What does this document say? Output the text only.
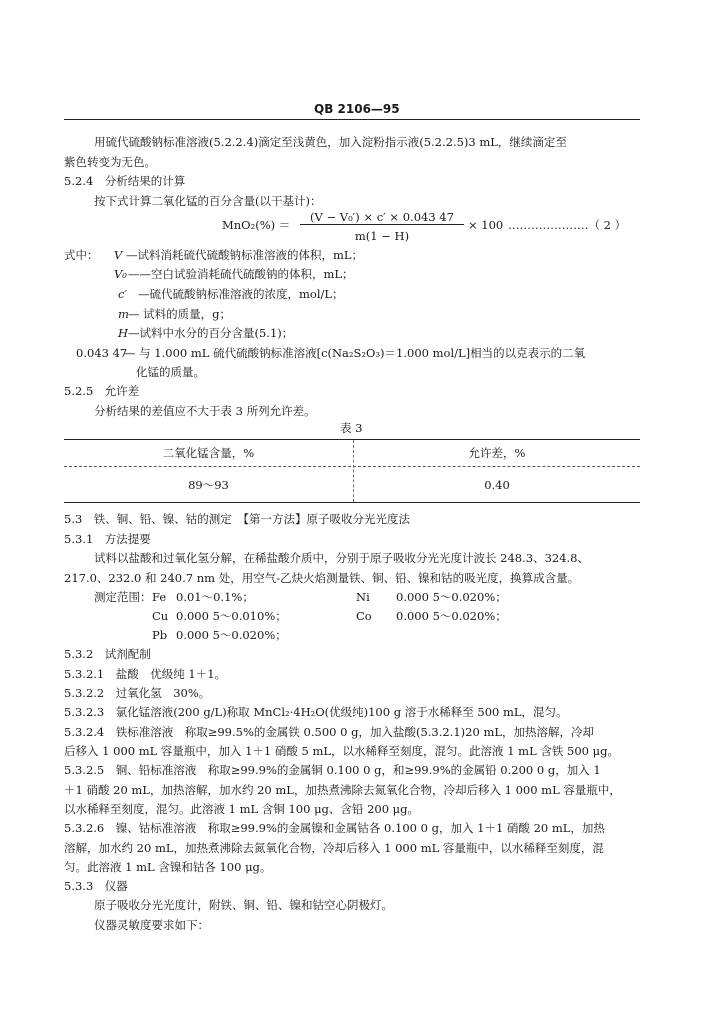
QB 2106—95
用硫代硫酸钠标准溶液(5.2.2.4)滴定至浅黄色，加入淀粉指示液(5.2.2.5)3 mL，继续滴定至
紫色转变为无色。
5.2.4　分析结果的计算
按下式计算二氧化锰的百分含量(以干基计)：
MnO₂(%) ＝
(V − V₀′) × c′ × 0.043 47
m(1 − H)
× 100 …………………（ 2 ）
式中： V —试料消耗硫代硫酸钠标准溶液的体积，mL；
V₀ ——空白试验消耗硫代硫酸钠的体积，mL；
c′ —硫代硫酸钠标准溶液的浓度，mol/L；
m — 试料的质量，g；
H —试料中水分的百分含量(5.1)；
0.043 47
— 与 1.000 mL 硫代硫酸钠标准溶液[c(Na₂S₂O₃)＝1.000 mol/L]相当的以克表示的二氧
化锰的质量。
5.2.5　允许差
分析结果的差值应不大于表 3 所列允许差。
表 3
二氧化锰含量，%	允许差，%
89～93	0.40
5.3　铁、铜、铅、镍、钴的测定　【第一方法】原子吸收分光光度法
5.3.1　方法提要
试料以盐酸和过氧化氢分解，在稀盐酸介质中，分别于原子吸收分光光度计波长 248.3、324.8、
217.0、232.0 和 240.7 nm 处，用空气-乙炔火焰测量铁、铜、铅、镍和钴的吸光度，换算成含量。
测定范围： Fe 0.01～0.1%；	Ni 0.000 5～0.020%；
Cu 0.000 5～0.010%；	Co 0.000 5～0.020%；
Pb 0.000 5～0.020%；
5.3.2　试剂配制
5.3.2.1　盐酸　优级纯 1＋1。
5.3.2.2　过氧化氢　30%。
5.3.2.3　氯化锰溶液(200 g/L)称取 MnCl₂·4H₂O(优级纯)100 g 溶于水稀释至 500 mL，混匀。
5.3.2.4　铁标准溶液　称取≥99.5%的金属铁 0.500 0 g，加入盐酸(5.3.2.1)20 mL，加热溶解，冷却
后移入 1 000 mL 容量瓶中，加入 1＋1 硝酸 5 mL，以水稀释至刻度，混匀。此溶液 1 mL 含铁 500 μg。
5.3.2.5　铜、铅标准溶液　称取≥99.9%的金属铜 0.100 0 g，和≥99.9%的金属铅 0.200 0 g，加入 1
＋1 硝酸 20 mL，加热溶解，加水约 20 mL，加热煮沸除去氮氧化合物，冷却后移入 1 000 mL 容量瓶中，
以水稀释至刻度，混匀。此溶液 1 mL 含铜 100 μg、含铅 200 μg。
5.3.2.6　镍、钴标准溶液　称取≥99.9%的金属镍和金属钴各 0.100 0 g，加入 1＋1 硝酸 20 mL，加热
溶解，加水约 20 mL，加热煮沸除去氮氧化合物，冷却后移入 1 000 mL 容量瓶中，以水稀释至刻度，混
匀。此溶液 1 mL 含镍和钴各 100 μg。
5.3.3　仪器
原子吸收分光光度计，附铁、铜、铅、镍和钴空心阴极灯。
仪器灵敏度要求如下：
